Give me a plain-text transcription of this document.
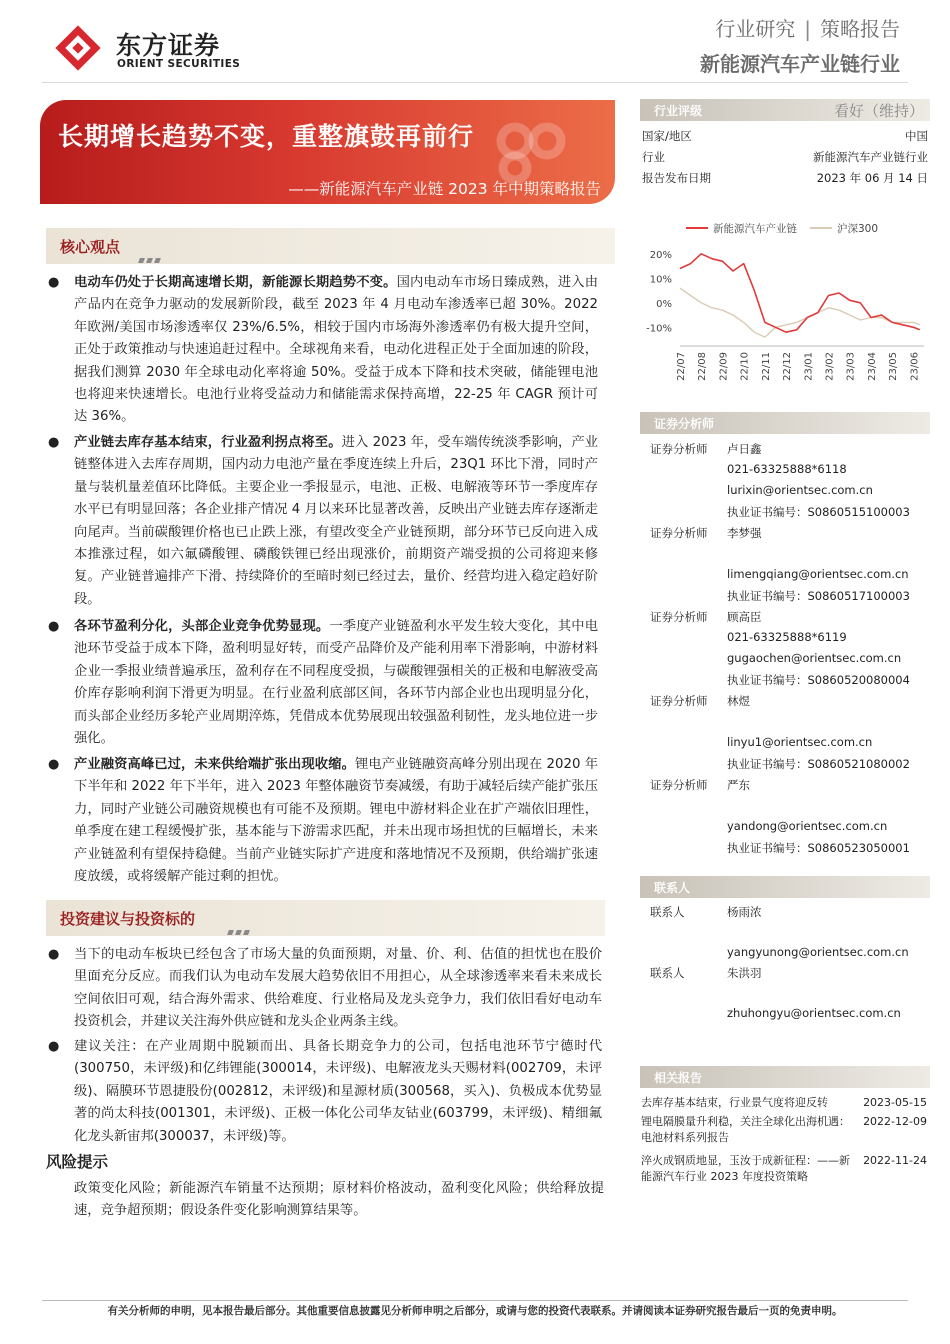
东方证券
ORIENT SECURITIES
行业研究 | 策略报告
新能源汽车产业链行业
长期增长趋势不变，重整旗鼓再前行
——新能源汽车产业链 2023 年中期策略报告
核心观点
● 电动车仍处于长期高速增长期，新能源长期趋势不变。国内电动车市场日臻成熟，进入由产品内在竞争力驱动的发展新阶段，截至 2023 年 4 月电动车渗透率已超 30%。2022 年欧洲/美国市场渗透率仅 23%/6.5%，相较于国内市场海外渗透率仍有极大提升空间，正处于政策推动与快速追赶过程中。全球视角来看，电动化进程正处于全面加速的阶段，据我们测算 2030 年全球电动化率将逾 50%。受益于成本下降和技术突破，储能锂电池也将迎来快速增长。电池行业将受益动力和储能需求保持高增，22-25 年 CAGR 预计可达 36%。
● 产业链去库存基本结束，行业盈利拐点将至。进入 2023 年，受车端传统淡季影响，产业链整体进入去库存周期，国内动力电池产量在季度连续上升后，23Q1 环比下滑，同时产量与装机量差值环比降低。主要企业一季报显示，电池、正极、电解液等环节一季度库存水平已有明显回落；各企业排产情况 4 月以来环比显著改善，反映出产业链去库存逐渐走向尾声。当前碳酸锂价格也已止跌上涨，有望改变全产业链预期，部分环节已反向进入成本推涨过程，如六氟磷酸锂、磷酸铁锂已经出现涨价，前期资产端受损的公司将迎来修复。产业链普遍排产下滑、持续降价的至暗时刻已经过去，量价、经营均进入稳定趋好阶段。
● 各环节盈利分化，头部企业竞争优势显现。一季度产业链盈利水平发生较大变化，其中电池环节受益于成本下降，盈利明显好转，而受产品降价及产能利用率下滑影响，中游材料企业一季报业绩普遍承压，盈利存在不同程度受损，与碳酸锂强相关的正极和电解液受高价库存影响利润下滑更为明显。在行业盈利底部区间，各环节内部企业也出现明显分化，而头部企业经历多轮产业周期淬炼，凭借成本优势展现出较强盈利韧性，龙头地位进一步强化。
● 产业融资高峰已过，未来供给端扩张出现收缩。锂电产业链融资高峰分别出现在 2020 年下半年和 2022 年下半年，进入 2023 年整体融资节奏减缓，有助于减轻后续产能扩张压力，同时产业链公司融资规模也有可能不及预期。锂电中游材料企业在扩产端依旧理性，单季度在建工程缓慢扩张，基本能与下游需求匹配，并未出现市场担忧的巨幅增长，未来产业链盈利有望保持稳健。当前产业链实际扩产进度和落地情况不及预期，供给端扩张速度放缓，或将缓解产能过剩的担忧。
投资建议与投资标的
● 当下的电动车板块已经包含了市场大量的负面预期，对量、价、利、估值的担忧也在股价里面充分反应。而我们认为电动车发展大趋势依旧不用担心，从全球渗透率来看未来成长空间依旧可观，结合海外需求、供给难度、行业格局及龙头竞争力，我们依旧看好电动车投资机会，并建议关注海外供应链和龙头企业两条主线。
● 建议关注：在产业周期中脱颖而出、具备长期竞争力的公司，包括电池环节宁德时代(300750，未评级)和亿纬锂能(300014，未评级)、电解液龙头天赐材料(002709，未评级)、隔膜环节恩捷股份(002812，未评级)和星源材质(300568，买入)、负极成本优势显著的尚太科技(001301，未评级)、正极一体化公司华友钴业(603799，未评级)、精细氟化龙头新宙邦(300037，未评级)等。
风险提示
政策变化风险；新能源汽车销量不达预期；原材料价格波动，盈利变化风险；供给释放提速，竞争超预期；假设条件变化影响测算结果等。
行业评级	看好（维持）
国家/地区	中国
行业	新能源汽车产业链行业
报告发布日期	2023 年 06 月 14 日
新能源汽车产业链	沪深300
20%
10%
0%
-10%
22/07 22/08 22/09 22/10 22/11 22/12 23/01 23/02 23/03 23/04 23/05 23/06
证券分析师
证券分析师 卢日鑫
021-63325888*6118
lurixin@orientsec.com.cn
执业证书编号：S0860515100003
证券分析师 李梦强
limengqiang@orientsec.com.cn
执业证书编号：S0860517100003
证券分析师 顾高臣
021-63325888*6119
gugaochen@orientsec.com.cn
执业证书编号：S0860520080004
证券分析师 林煜
linyu1@orientsec.com.cn
执业证书编号：S0860521080002
证券分析师 严东
yandong@orientsec.com.cn
执业证书编号：S0860523050001
联系人
联系人	杨雨浓
yangyunong@orientsec.com.cn
联系人	朱洪羽
zhuhongyu@orientsec.com.cn
相关报告
去库存基本结束，行业景气度将迎反转	2023-05-15
锂电隔膜量升利稳，关注全球化出海机遇：电池材料系列报告
2022-12-09
淬火成钢质地显，玉汝于成新征程：——新能源汽车行业 2023 年度投资策略
2022-11-24
有关分析师的申明，见本报告最后部分。其他重要信息披露见分析师申明之后部分，或请与您的投资代表联系。并请阅读本证券研究报告最后一页的免责申明。
